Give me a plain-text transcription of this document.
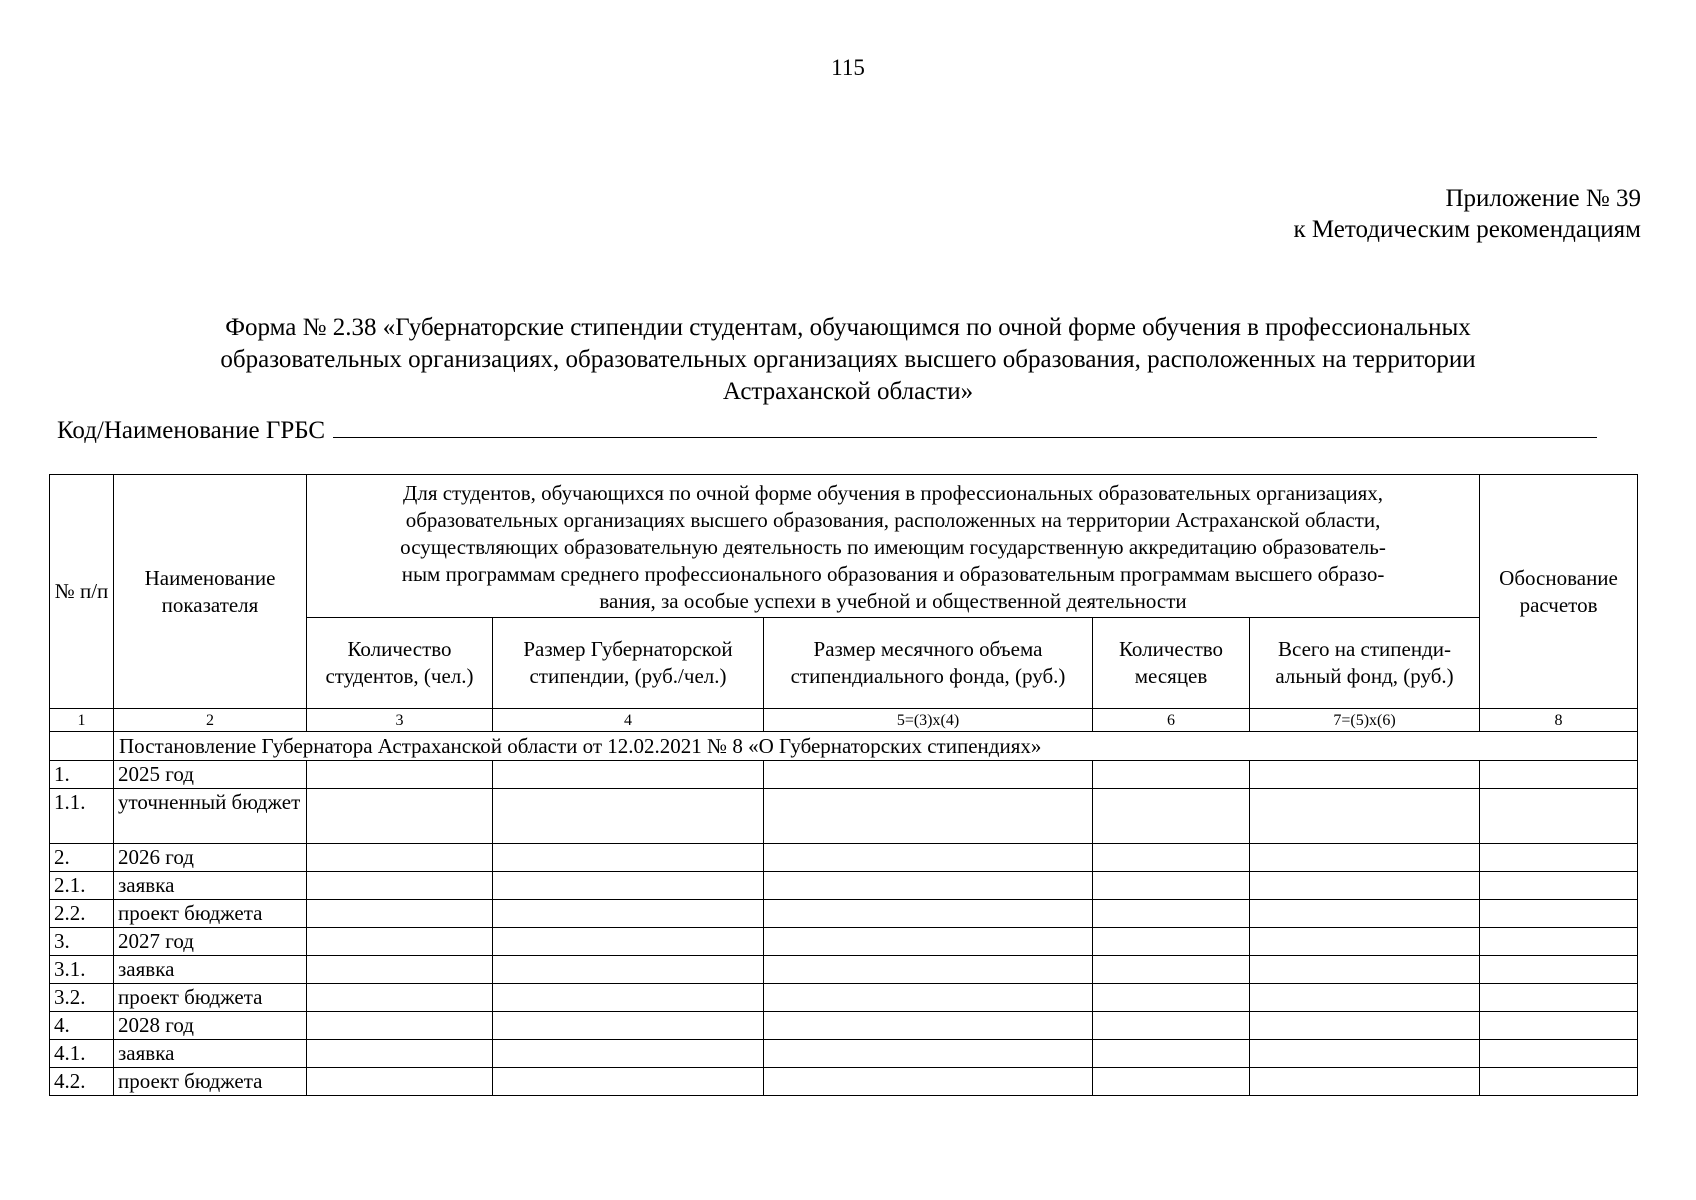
115
Приложение № 39
к Методическим рекомендациям
Форма № 2.38 «Губернаторские стипендии студентам, обучающимся по очной форме обучения в профессиональных
образовательных организациях, образовательных организациях высшего образования, расположенных на территории
Астраханской области»
Код/Наименование ГРБС
№ п/п	Наименование показателя	Для студентов, обучающихся по очной форме обучения в профессиональных образовательных организациях,
образовательных организациях высшего образования, расположенных на территории Астраханской области,
осуществляющих образовательную деятельность по имеющим государственную аккредитацию образователь-
ным программам среднего профессионального образования и образовательным программам высшего образо-
вания, за особые успехи в учебной и общественной деятельности					Обоснование расчетов
		Количество студентов, (чел.)	Размер Губернаторской стипендии, (руб./чел.)	Размер месячного объема стипендиального фонда, (руб.)	Количество месяцев	Всего на стипенди-альный фонд, (руб.)	
1	2	3	4	5=(3)x(4)	6	7=(5)x(6)	8
	Постановление Губернатора Астраханской области от 12.02.2021 № 8 «О Губернаторских стипендиях»						
1.	2025 год						
1.1.	уточненный бюджет						
2.	2026 год						
2.1.	заявка						
2.2.	проект бюджета						
3.	2027 год						
3.1.	заявка						
3.2.	проект бюджета						
4.	2028 год						
4.1.	заявка						
4.2.	проект бюджета						
